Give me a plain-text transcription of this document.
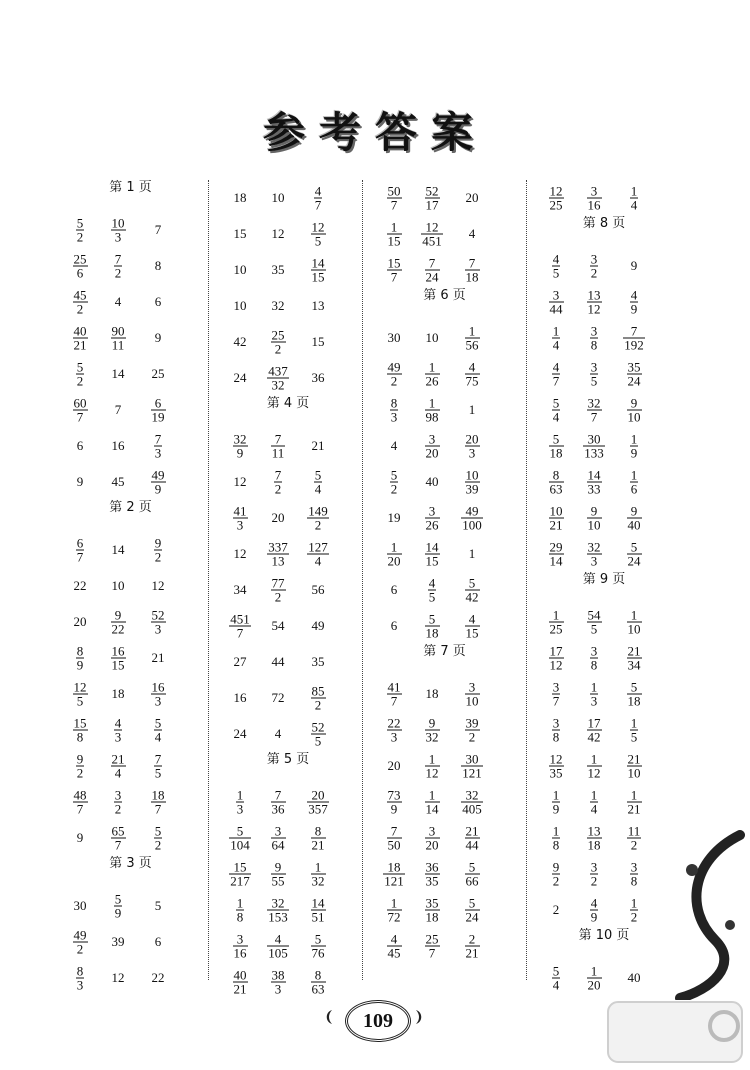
参考答案
第 1 页
$\frac{5}{2} \frac{10}{3}$	7
$\frac{25}{6} \frac{7}{2}$	8
$\frac{45}{2}$	4	6
$\frac{40}{21} \frac{90}{11}$	9
$\frac{5}{2}$	14	25
$\frac{60}{7}$	7	$\frac{6}{19}$
6	16	$\frac{7}{3}$
9	45	$\frac{49}{9}$
第 2 页
$\frac{6}{7}$	14	$\frac{9}{2}$
22	10	12
20	$\frac{9}{22} \frac{52}{3}$
$\frac{8}{9} \frac{16}{15}$	21
$\frac{12}{5}$	18	$\frac{16}{3}$
$\frac{15}{8} \frac{4}{3} \frac{5}{4}$
$\frac{9}{2} \frac{21}{4} \frac{7}{5}$
$\frac{48}{7} \frac{3}{2} \frac{18}{7}$
9	$\frac{65}{7} \frac{5}{2}$
第 3 页
30	$\frac{5}{9}$	5
$\frac{49}{2}$	39	6
$\frac{8}{3}$	12	22
18	10	$\frac{4}{7}$
15	12	$\frac{12}{5}$
10	35	$\frac{14}{15}$
10	32	13
42	$\frac{25}{2}$	15
24	$\frac{437}{32}$	36
第 4 页
$\frac{32}{9} \frac{7}{11}$	21
12	$\frac{7}{2} \frac{5}{4}$
$\frac{41}{3}$	20	$\frac{149}{2}$
12	$\frac{337}{13} \frac{127}{4}$
34	$\frac{77}{2}$	56
$\frac{451}{7}$	54	49
27	44	35
16	72	$\frac{85}{2}$
24	4	$\frac{52}{5}$
第 5 页
$\frac{1}{3} \frac{7}{36} \frac{20}{357}$
$\frac{5}{104} \frac{3}{64} \frac{8}{21}$
$\frac{15}{217} \frac{9}{55} \frac{1}{32}$
$\frac{1}{8} \frac{32}{153} \frac{14}{51}$
$\frac{3}{16} \frac{4}{105} \frac{5}{76}$
$\frac{40}{21} \frac{38}{3} \frac{8}{63}$
$\frac{50}{7} \frac{52}{17}$	20
$\frac{1}{15} \frac{12}{451}$	4
$\frac{15}{7} \frac{7}{24} \frac{7}{18}$
第 6 页
30	10	$\frac{1}{56}$
$\frac{49}{2} \frac{1}{26} \frac{4}{75}$
$\frac{8}{3} \frac{1}{98}$	1
4	$\frac{3}{20} \frac{20}{3}$
$\frac{5}{2}$	40	$\frac{10}{39}$
19	$\frac{3}{26} \frac{49}{100}$
$\frac{1}{20} \frac{14}{15}$	1
6	$\frac{4}{5} \frac{5}{42}$
6	$\frac{5}{18} \frac{4}{15}$
第 7 页
$\frac{41}{7}$	18	$\frac{3}{10}$
$\frac{22}{3} \frac{9}{32} \frac{39}{2}$
20	$\frac{1}{12} \frac{30}{121}$
$\frac{73}{9} \frac{1}{14} \frac{32}{405}$
$\frac{7}{50} \frac{3}{20} \frac{21}{44}$
$\frac{18}{121} \frac{36}{35} \frac{5}{66}$
$\frac{1}{72} \frac{35}{18} \frac{5}{24}$
$\frac{4}{45} \frac{25}{7} \frac{2}{21}$
$\frac{12}{25} \frac{3}{16} \frac{1}{4}$
第 8 页
$\frac{4}{5} \frac{3}{2}$	9
$\frac{3}{44} \frac{13}{12} \frac{4}{9}$
$\frac{1}{4} \frac{3}{8} \frac{7}{192}$
$\frac{4}{7} \frac{3}{5} \frac{35}{24}$
$\frac{5}{4} \frac{32}{7} \frac{9}{10}$
$\frac{5}{18} \frac{30}{133} \frac{1}{9}$
$\frac{8}{63} \frac{14}{33} \frac{1}{6}$
$\frac{10}{21} \frac{9}{10} \frac{9}{40}$
$\frac{29}{14} \frac{32}{3} \frac{5}{24}$
第 9 页
$\frac{1}{25} \frac{54}{5} \frac{1}{10}$
$\frac{17}{12} \frac{3}{8} \frac{21}{34}$
$\frac{3}{7} \frac{1}{3} \frac{5}{18}$
$\frac{3}{8} \frac{17}{42} \frac{1}{5}$
$\frac{12}{35} \frac{1}{12} \frac{21}{10}$
$\frac{1}{9} \frac{1}{4} \frac{1}{21}$
$\frac{1}{8} \frac{13}{18} \frac{11}{2}$
$\frac{9}{2} \frac{3}{2} \frac{3}{8}$
2	$\frac{4}{9} \frac{1}{2}$
第 10 页
$\frac{5}{4} \frac{1}{20}$	40
109
